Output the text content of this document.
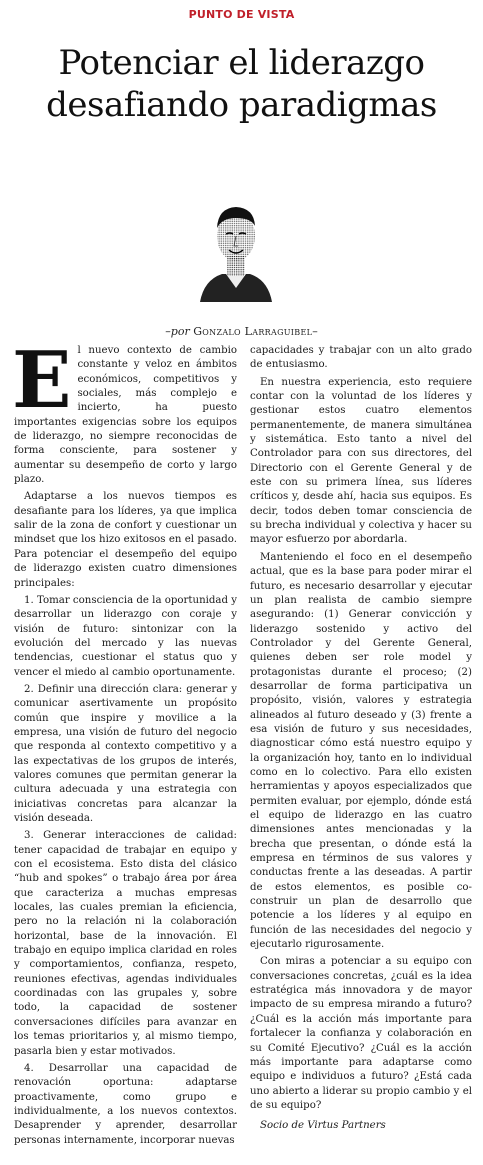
PUNTO DE VISTA
Potenciar el liderazgo
desafiando paradigmas
–por Gonzalo Larraguibel–

El nuevo contexto de cambio constante y veloz en ámbitos económicos, competitivos y sociales, más complejo e incierto, ha puesto importantes exigencias sobre los equipos de liderazgo, no siempre reconocidas de forma consciente, para sostener y aumentar su desempeño de corto y largo plazo.

Adaptarse a los nuevos tiempos es desafiante para los líderes, ya que implica salir de la zona de confort y cuestionar un mindset que los hizo exitosos en el pasado. Para potenciar el desempeño del equipo de liderazgo existen cuatro dimensiones principales:

1. Tomar consciencia de la oportunidad y desarrollar un liderazgo con coraje y visión de futuro: sintonizar con la evolución del mercado y las nuevas tendencias, cuestionar el status quo y vencer el miedo al cambio oportunamente.

2. Definir una dirección clara: generar y comunicar asertivamente un propósito común que inspire y movilice a la empresa, una visión de futuro del negocio que responda al contexto competitivo y a las expectativas de los grupos de interés, valores comunes que permitan generar la cultura adecuada y una estrategia con iniciativas concretas para alcanzar la visión deseada.

3. Generar interacciones de calidad: tener capacidad de trabajar en equipo y con el ecosistema. Esto dista del clásico “hub and spokes” o trabajo área por área que caracteriza a muchas empresas locales, las cuales premian la eficiencia, pero no la relación ni la colaboración horizontal, base de la innovación. El trabajo en equipo implica claridad en roles y comportamientos, confianza, respeto, reuniones efectivas, agendas individuales coordinadas con las grupales y, sobre todo, la capacidad de sostener conversaciones difíciles para avanzar en los temas prioritarios y, al mismo tiempo, pasarla bien y estar motivados.

4. Desarrollar una capacidad de renovación oportuna: adaptarse proactivamente, como grupo e individualmente, a los nuevos contextos. Desaprender y aprender, desarrollar personas internamente, incorporar nuevas

capacidades y trabajar con un alto grado de entusiasmo.

En nuestra experiencia, esto requiere contar con la voluntad de los líderes y gestionar estos cuatro elementos permanentemente, de manera simultánea y sistemática. Esto tanto a nivel del Controlador para con sus directores, del Directorio con el Gerente General y de este con su primera línea, sus líderes críticos y, desde ahí, hacia sus equipos. Es decir, todos deben tomar consciencia de su brecha individual y colectiva y hacer su mayor esfuerzo por abordarla.

Manteniendo el foco en el desempeño actual, que es la base para poder mirar el futuro, es necesario desarrollar y ejecutar un plan realista de cambio siempre asegurando: (1) Generar convicción y liderazgo sostenido y activo del Controlador y del Gerente General, quienes deben ser role model y protagonistas durante el proceso; (2) desarrollar de forma participativa un propósito, visión, valores y estrategia alineados al futuro deseado y (3) frente a esa visión de futuro y sus necesidades, diagnosticar cómo está nuestro equipo y la organización hoy, tanto en lo individual como en lo colectivo. Para ello existen herramientas y apoyos especializados que permiten evaluar, por ejemplo, dónde está el equipo de liderazgo en las cuatro dimensiones antes mencionadas y la brecha que presentan, o dónde está la empresa en términos de sus valores y conductas frente a las deseadas. A partir de estos elementos, es posible co-construir un plan de desarrollo que potencie a los líderes y al equipo en función de las necesidades del negocio y ejecutarlo rigurosamente.

Con miras a potenciar a su equipo con conversaciones concretas, ¿cuál es la idea estratégica más innovadora y de mayor impacto de su empresa mirando a futuro? ¿Cuál es la acción más importante para fortalecer la confianza y colaboración en su Comité Ejecutivo? ¿Cuál es la acción más importante para adaptarse como equipo e individuos a futuro? ¿Está cada uno abierto a liderar su propio cambio y el de su equipo?

Socio de Virtus Partners
